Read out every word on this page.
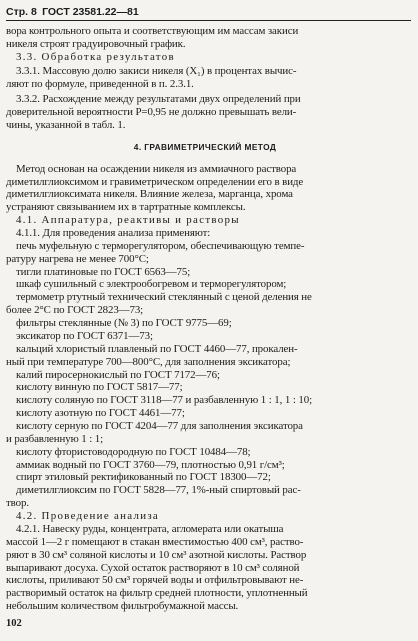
Стр. 8 ГОСТ 23581.22—81
вора контрольного опыта и соответствующим им массам закиси
никеля строят градуировочный график.
3.3. Обработка результатов
3.3.1. Массовую долю закиси никеля (X₁) в процентах вычис-
ляют по формуле, приведенной в п. 2.3.1.
3.3.2. Расхождение между результатами двух определений при
доверительной вероятности P=0,95 не должно превышать вели-
чины, указанной в табл. 1.
4. ГРАВИМЕТРИЧЕСКИЙ МЕТОД
Метод основан на осаждении никеля из аммиачного раствора
диметилглиоксимом и гравиметрическом определении его в виде
диметилглиоксимата никеля. Влияние железа, марганца, хрома
устраняют связыванием их в тартратные комплексы.
4.1. Аппаратура, реактивы и растворы
4.1.1. Для проведения анализа применяют:
печь муфельную с терморегулятором, обеспечивающую темпе-
ратуру нагрева не менее 700°С;
тигли платиновые по ГОСТ 6563—75;
шкаф сушильный с электрообогревом и терморегулятором;
термометр ртутный технический стеклянный с ценой деления не
более 2°С по ГОСТ 2823—73;
фильтры стеклянные (№ 3) по ГОСТ 9775—69;
эксикатор по ГОСТ 6371—73;
кальций хлористый плавленый по ГОСТ 4460—77, прокален-
ный при температуре 700—800°С, для заполнения эксикатора;
калий пиросернокислый по ГОСТ 7172—76;
кислоту винную по ГОСТ 5817—77;
кислоту соляную по ГОСТ 3118—77 и разбавленную 1 : 1, 1 : 10;
кислоту азотную по ГОСТ 4461—77;
кислоту серную по ГОСТ 4204—77 для заполнения эксикатора
и разбавленную 1 : 1;
кислоту фтористоводородную по ГОСТ 10484—78;
аммиак водный по ГОСТ 3760—79, плотностью 0,91 г/см³;
спирт этиловый ректификованный по ГОСТ 18300—72;
диметилглиоксим по ГОСТ 5828—77, 1%-ный спиртовый рас-
твор.
4.2. Проведение анализа
4.2.1. Навеску руды, концентрата, агломерата или окатыша
массой 1—2 г помещают в стакан вместимостью 400 см³, раство-
ряют в 30 см³ соляной кислоты и 10 см³ азотной кислоты. Раствор
выпаривают досуха. Сухой остаток растворяют в 10 см³ соляной
кислоты, приливают 50 см³ горячей воды и отфильтровывают не-
растворимый остаток на фильтр средней плотности, уплотненный
небольшим количеством фильтробумажной массы.
102
